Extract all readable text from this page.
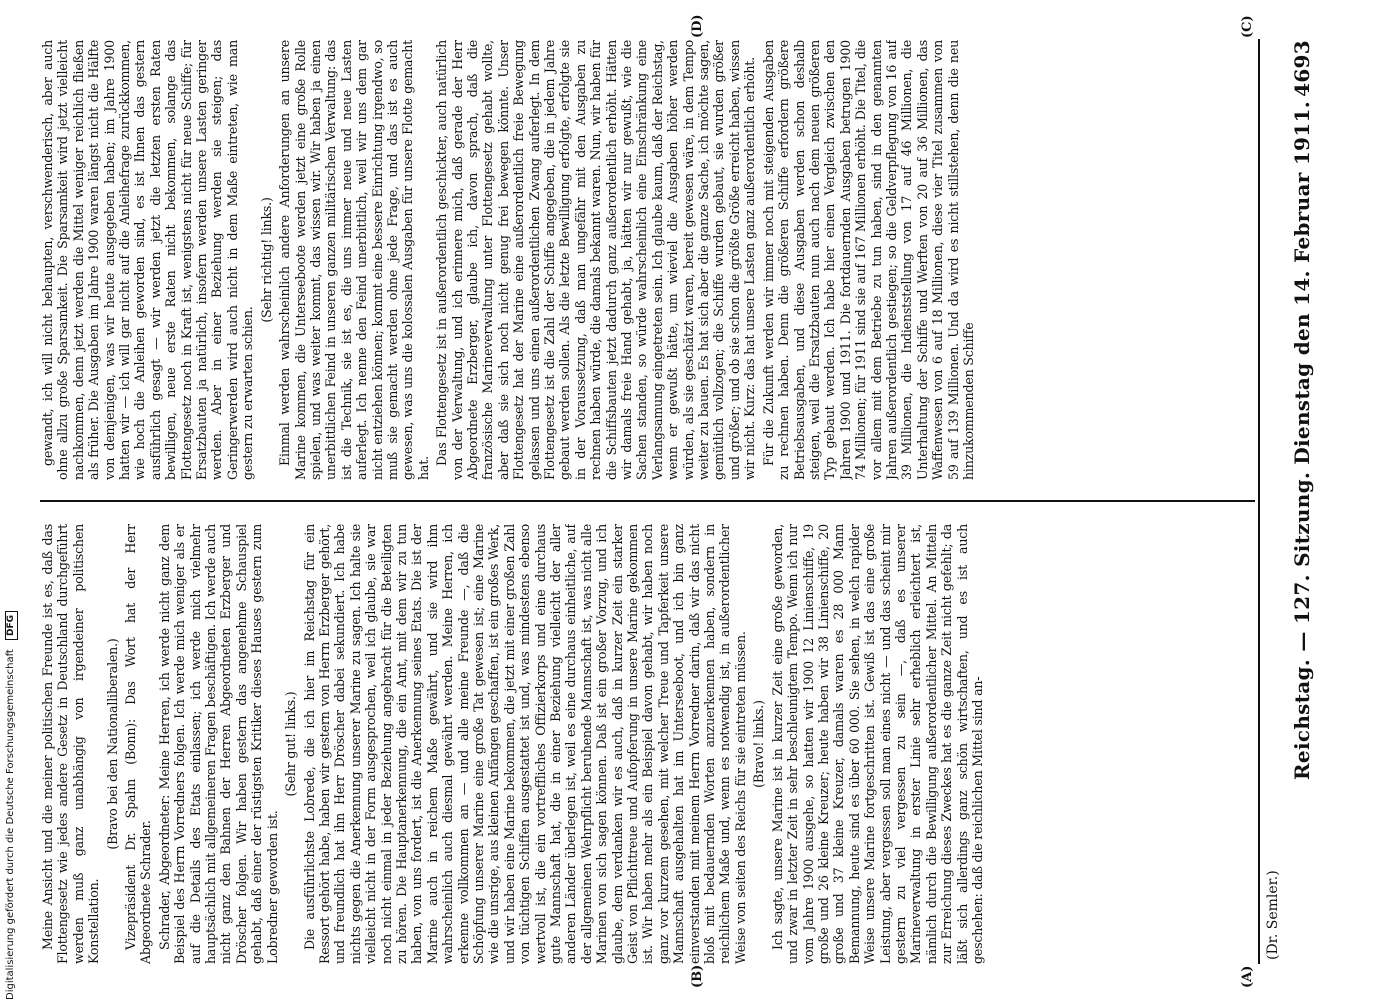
(Dr. Semler.)
Reichstag. — 127. Sitzung. Dienstag den 14. Februar 1911.
4693
(A)
(B)
(C)
(D)

Meine Ansicht und die meiner politischen Freunde ist es, daß das Flottengesetz wie jedes andere Gesetz in Deutschland durchgeführt werden muß ganz unabhängig von irgendeiner politischen Konstellation.

(Bravo bei den Nationalliberalen.) Vizepräsident Dr. Spahn (Bonn): Das Wort hat der Herr Abgeordnete Schrader. Schrader, Abgeordneter: Meine Herren, ich werde nicht ganz dem Beispiel des Herrn Vorredners folgen. Ich werde mich weniger als er auf die Details des Etats einlassen; ich werde mich vielmehr hauptsächlich mit allgemeineren Fragen beschäftigen. Ich werde auch nicht ganz den Bahnen der Herren Abgeordneten Erzberger und Dröscher folgen. Wir haben gestern das angenehme Schauspiel gehabt, daß einer der rüstigsten Kritiker dieses Hauses gestern zum Lobredner geworden ist.

(Sehr gut! links.) Die ausführlichste Lobrede, die ich hier im Reichstag für ein Ressort gehört habe, haben wir gestern von Herrn Erzberger gehört, und freundlich hat ihn Herr Dröscher dabei sekundiert. Ich habe nichts gegen die Anerkennung unserer Marine zu sagen. Ich halte sie vielleicht nicht in der Form ausgesprochen, weil ich glaube, sie war noch nicht einmal in jeder Beziehung angebracht für die Beteiligten zu hören. Die Hauptanerkennung, die ein Amt, mit dem wir zu tun haben, von uns fordert, ist die Anerkennung seines Etats. Die ist der Marine auch in reichem Maße gewährt, und sie wird ihm wahrscheinlich auch diesmal gewährt werden. Meine Herren, ich erkenne vollkommen an — und alle meine Freunde —, daß die Schöpfung unserer Marine eine große Tat gewesen ist; eine Marine wie die unsrige, aus kleinen Anfängen geschaffen, ist ein großes Werk, und wir haben eine Marine bekommen, die jetzt mit einer großen Zahl von tüchtigen Schiffen ausgestattet ist und, was mindestens ebenso wertvoll ist, die ein vortreffliches Offizierkorps und eine durchaus gute Mannschaft hat, die in einer Beziehung vielleicht der aller anderen Länder überlegen ist, weil es eine durchaus einheitliche, auf der allgemeinen Wehrpflicht beruhende Mannschaft ist, was nicht alle Marinen von sich sagen können. Daß ist ein großer Vorzug, und ich glaube, dem verdanken wir es auch, daß in kurzer Zeit ein starker Geist von Pflichttreue und Aufopferung in unsere Marine gekommen ist. Wir haben mehr als ein Beispiel davon gehabt, wir haben noch ganz vor kurzem gesehen, mit welcher Treue und Tapferkeit unsere Mannschaft ausgehalten hat im Unterseeboot, und ich bin ganz einverstanden mit meinem Herrn Vorredner darin, daß wir das nicht bloß mit bedauernden Worten anzuerkennen haben, sondern in reichlichem Maße und, wenn es notwendig ist, in außerordentlicher Weise von seiten des Reichs für sie eintreten müssen. (Bravo! links.) Ich sagte, unsere Marine ist in kurzer Zeit eine große geworden, und zwar in letzter Zeit in sehr beschleunigtem Tempo. Wenn ich nur vom Jahre 1900 ausgehe, so hatten wir 1900 12 Linienschiffe, 19 große und 26 kleine Kreuzer; heute haben wir 38 Linienschiffe, 20 große und 37 kleine Kreuzer, damals waren es 28 000 Mann Bemannung, heute sind es über 60 000. Sie sehen, in welch rapider Weise unsere Marine fortgeschritten ist. Gewiß ist das eine große Leistung, aber vergessen soll man eines nicht — und das scheint mir gestern zu viel vergessen zu sein —, daß es unserer Marineverwaltung in erster Linie sehr erheblich erleichtert ist, nämlich durch die Bewilligung außerordentlicher Mittel. An Mitteln zur Erreichung dieses Zweckes hat es die ganze Zeit nicht gefehlt; da läßt sich allerdings ganz schön wirtschaften, und es ist auch geschehen: daß die reichlichen Mittel sind an-

gewandt, ich will nicht behaupten, verschwenderisch, aber auch ohne allzu große Sparsamkeit. Die Sparsamkeit wird jetzt vielleicht nachkommen, denn jetzt werden die Mittel weniger reichlich fließen als früher. Die Ausgaben im Jahre 1900 waren längst nicht die Hälfte von demjenigen, was wir heute ausgegeben haben; im Jahre 1900 hatten wir — ich will gar nicht auf die Anleihefrage zurückkommen, wie hoch die Anleihen geworden sind, es ist Ihnen das gestern ausführlich gesagt — wir werden jetzt die letzten ersten Raten bewilligen, neue erste Raten nicht bekommen, solange das Flottengesetz noch in Kraft ist, wenigstens nicht für neue Schiffe; für Ersatzbauten ja natürlich, insofern werden unsere Lasten geringer werden. Aber in einer Beziehung werden sie steigen; das Geringerwerden wird auch nicht in dem Maße eintreten, wie man gestern zu erwarten schien.

(Sehr richtig! links.) Einmal werden wahrscheinlich andere Anforderungen an unsere Marine kommen, die Unterseeboote werden jetzt eine große Rolle spielen, und was weiter kommt, das wissen wir. Wir haben ja einen unerbittlichen Feind in unseren ganzen militärischen Verwaltung: das ist die Technik, sie ist es, die uns immer neue und neue Lasten auferlegt. Ich nenne den Feind unerbittlich, weil wir uns dem gar nicht entziehen können; kommt eine bessere Einrichtung irgendwo, so muß sie gemacht werden ohne jede Frage, und das ist es auch gewesen, was uns die kolossalen Ausgaben für unsere Flotte gemacht hat.

Das Flottengesetz ist in außerordentlich geschickter, auch natürlich von der Verwaltung, und ich erinnere mich, daß gerade der Herr Abgeordnete Erzberger, glaube ich, davon sprach, daß die französische Marineverwaltung unter Flottengesetz gehabt wollte, aber daß sie sich noch nicht genug frei bewegen könnte. Unser Flottengesetz hat der Marine eine außerordentlich freie Bewegung gelassen und uns einen außerordentlichen Zwang auferlegt. In dem Flottengesetz ist die Zahl der Schiffe angegeben, die in jedem Jahre gebaut werden sollen. Als die letzte Bewilligung erfolgte, erfolgte sie in der Voraussetzung, daß man ungefähr mit den Ausgaben zu rechnen haben würde, die damals bekannt waren. Nun, wir haben für die Schiffsbauten jetzt dadurch ganz außerordentlich erhöht. Hätten wir damals freie Hand gehabt, ja, hätten wir nur gewußt, wie die Sachen standen, so würde wahrscheinlich eine Einschränkung eine Verlangsamung eingetreten sein. Ich glaube kaum, daß der Reichstag, wenn er gewußt hätte, um wieviel die Ausgaben höher werden würden, als sie geschätzt waren, bereit gewesen wäre, in dem Tempo weiter zu bauen. Es hat sich aber die ganze Sache, ich möchte sagen, gemütlich vollzogen; die Schiffe wurden gebaut, sie wurden größer und größer; und ob sie schon die größte Größe erreicht haben, wissen wir nicht. Kurz: das hat unsere Lasten ganz außerordentlich erhöht. Für die Zukunft werden wir immer noch mit steigenden Ausgaben zu rechnen haben. Denn die größeren Schiffe erfordern größere Betriebsausgaben, und diese Ausgaben werden schon deshalb steigen, weil die Ersatzbauten nun auch nach dem neuen größeren Typ gebaut werden. Ich habe hier einen Vergleich zwischen den Jahren 1900 und 1911. Die fortdauernden Ausgaben betrugen 1900 74 Millionen; für 1911 sind sie auf 167 Millionen erhöht. Die Titel, die vor allem mit dem Betriebe zu tun haben, sind in den genannten Jahren außerordentlich gestiegen; so die Geldverpflegung von 16 auf 39 Millionen, die Indienststellung von 17 auf 46 Millionen, die Unterhaltung der Schiffe und Werften von 20 auf 36 Millionen, das Waffenwesen von 6 auf 18 Millionen, diese vier Titel zusammen von 59 auf 139 Millionen. Und da wird es nicht stillstehen, denn die neu hinzukommenden Schiffe

Digitalisierung gefördert durch die Deutsche Forschungsgemeinschaft DFG
